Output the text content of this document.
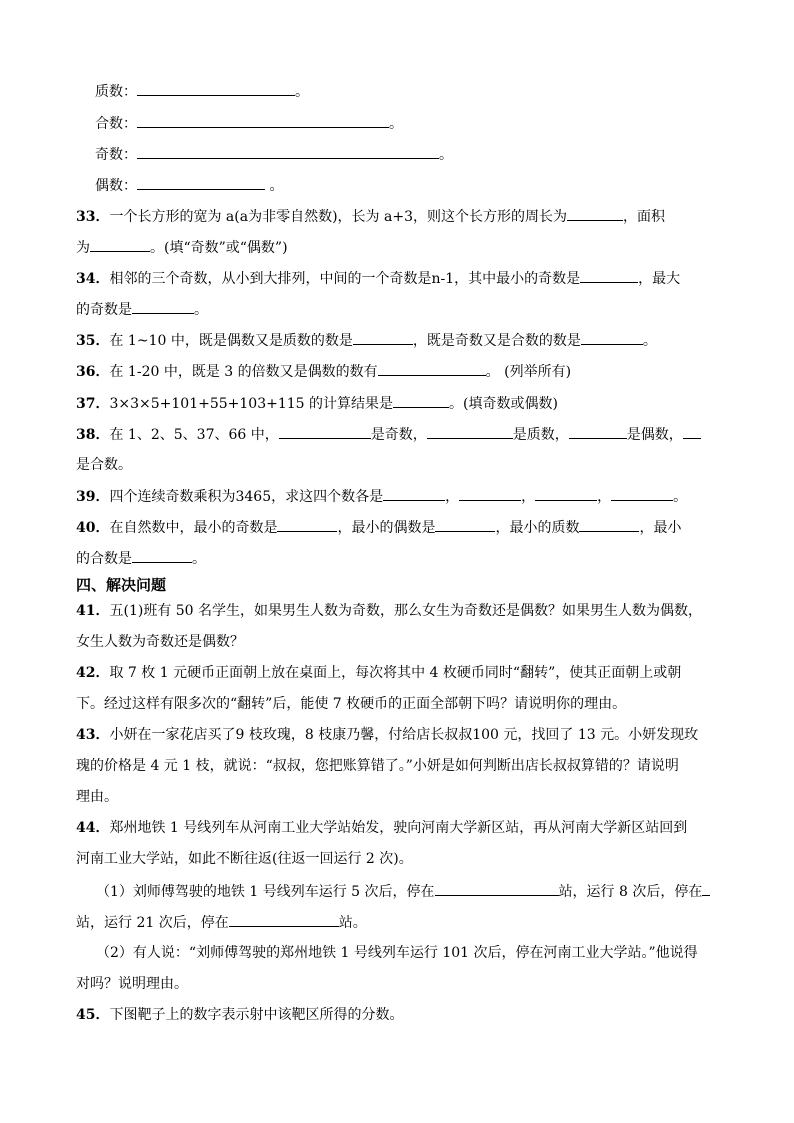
质数：	。
合数：	。
奇数：	。
偶数：	。
33．一个长方形的宽为 a(a为非零自然数)，长为 a+3，则这个长方形的周长为	，面积
为	。(填“奇数”或“偶数”)
34．相邻的三个奇数，从小到大排列，中间的一个奇数是n-1，其中最小的奇数是	，最大
的奇数是	。
35．在 1~10 中，既是偶数又是质数的数是	，既是奇数又是合数的数是	。
36．在 1-20 中，既是 3 的倍数又是偶数的数有	。 (列举所有)
37．3×3×5+101+55+103+115 的计算结果是	。(填奇数或偶数)
38．在 1、2、5、37、66 中，	是奇数，	是质数，	是偶数，
是合数。
39．四个连续奇数乘积为3465，求这四个数各是	，	，	，	。
40．在自然数中，最小的奇数是	，最小的偶数是	，最小的质数	，最小
的合数是	。
四、解决问题
41．五(1)班有 50 名学生，如果男生人数为奇数，那么女生为奇数还是偶数？如果男生人数为偶数，
女生人数为奇数还是偶数？
42．取 7 枚 1 元硬币正面朝上放在桌面上，每次将其中 4 枚硬币同时“翻转”，使其正面朝上或朝
下。经过这样有限多次的“翻转”后，能使 7 枚硬币的正面全部朝下吗？请说明你的理由。
43．小妍在一家花店买了9 枝玫瑰，8 枝康乃馨，付给店长叔叔100 元，找回了 13 元。小妍发现玫
瑰的价格是 4 元 1 枝，就说：“叔叔，您把账算错了。”小妍是如何判断出店长叔叔算错的？请说明
理由。
44．郑州地铁 1 号线列车从河南工业大学站始发，驶向河南大学新区站，再从河南大学新区站回到
河南工业大学站，如此不断往返(往返一回运行 2 次)。
（1）刘师傅驾驶的地铁 1 号线列车运行 5 次后，停在	站，运行 8 次后，停在
站，运行 21 次后，停在	站。
（2）有人说：“刘师傅驾驶的郑州地铁 1 号线列车运行 101 次后，停在河南工业大学站。”他说得
对吗？说明理由。
45．下图靶子上的数字表示射中该靶区所得的分数。
